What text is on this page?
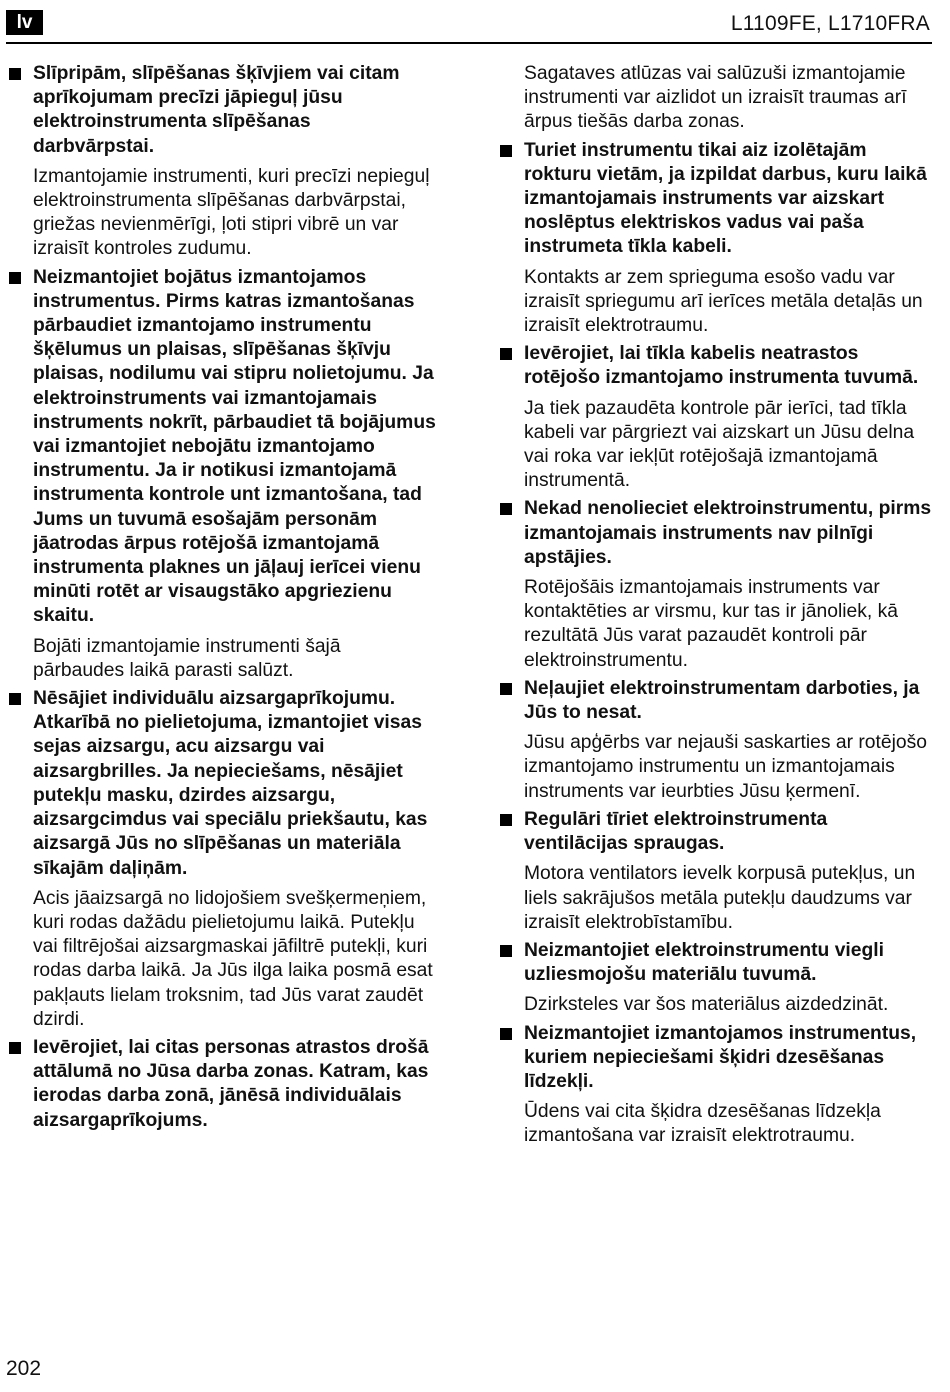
lv	L1109FE, L1710FRA

Slīpripām, slīpēšanas šķīvjiem vai citam aprīkojumam precīzi jāpieguļ jūsu elektroinstrumenta slīpēšanas darbvārpstai.

Izmantojamie instrumenti, kuri precīzi nepieguļ elektroinstrumenta slīpēšanas darbvārpstai, griežas nevienmērīgi, ļoti stipri vibrē un var izraisīt kontroles zudumu.

Neizmantojiet bojātus izmantojamos instrumentus. Pirms katras izmantošanas pārbaudiet izmantojamo instrumentu šķēlumus un plaisas, slīpēšanas šķīvju plaisas, nodilumu vai stipru nolietojumu. Ja elektroinstruments vai izmantojamais instruments nokrīt, pārbaudiet tā bojājumus vai izmantojiet nebojātu izmantojamo instrumentu. Ja ir notikusi izmantojamā instrumenta kontrole unt izmantošana, tad Jums un tuvumā esošajām personām jāatrodas ārpus rotējošā izmantojamā instrumenta plaknes un jāļauj ierīcei vienu minūti rotēt ar visaugstāko apgriezienu skaitu.

Bojāti izmantojamie instrumenti šajā pārbaudes laikā parasti salūzt.

Nēsājiet individuālu aizsargaprīkojumu. Atkarībā no pielietojuma, izmantojiet visas sejas aizsargu, acu aizsargu vai aizsargbrilles. Ja nepieciešams, nēsājiet putekļu masku, dzirdes aizsargu, aizsargcimdus vai speciālu priekšautu, kas aizsargā Jūs no slīpēšanas un materiāla sīkajām daļiņām.

Acis jāaizsargā no lidojošiem svešķermeņiem, kuri rodas dažādu pielietojumu laikā. Putekļu vai filtrējošai aizsargmaskai jāfiltrē putekļi, kuri rodas darba laikā. Ja Jūs ilga laika posmā esat pakļauts lielam troksnim, tad Jūs varat zaudēt dzirdi.

Ievērojiet, lai citas personas atrastos drošā attālumā no Jūsa darba zonas. Katram, kas ierodas darba zonā, jānēsā individuālais aizsargaprīkojums.

Sagataves atlūzas vai salūzuši izmantojamie instrumenti var aizlidot un izraisīt traumas arī ārpus tiešās darba zonas.

Turiet instrumentu tikai aiz izolētajām rokturu vietām, ja izpildat darbus, kuru laikā izmantojamais instruments var aizskart noslēptus elektriskos vadus vai paša instrumeta tīkla kabeli.

Kontakts ar zem sprieguma esošo vadu var izraisīt spriegumu arī ierīces metāla detaļās un izraisīt elektrotraumu.

Ievērojiet, lai tīkla kabelis neatrastos rotējošo izmantojamo instrumenta tuvumā.

Ja tiek pazaudēta kontrole pār ierīci, tad tīkla kabeli var pārgriezt vai aizskart un Jūsu delna vai roka var iekļūt rotējošajā izmantojamā instrumentā.

Nekad nenolieciet elektroinstrumentu, pirms izmantojamais instruments nav pilnīgi apstājies.

Rotējošāis izmantojamais instruments var kontaktēties ar virsmu, kur tas ir jānoliek, kā rezultātā Jūs varat pazaudēt kontroli pār elektroinstrumentu.

Neļaujiet elektroinstrumentam darboties, ja Jūs to nesat.

Jūsu apģērbs var nejauši saskarties ar rotējošo izmantojamo instrumentu un izmantojamais instruments var ieurbties Jūsu ķermenī.

Regulāri tīriet elektroinstrumenta ventilācijas spraugas.

Motora ventilators ievelk korpusā putekļus, un liels sakrājušos metāla putekļu daudzums var izraisīt elektrobīstamību.

Neizmantojiet elektroinstrumentu viegli uzliesmojošu materiālu tuvumā.

Dzirksteles var šos materiālus aizdedzināt.

Neizmantojiet izmantojamos instrumentus, kuriem nepieciešami šķidri dzesēšanas līdzekļi.

Ūdens vai cita šķidra dzesēšanas līdzekļa izmantošana var izraisīt elektrotraumu.

202
